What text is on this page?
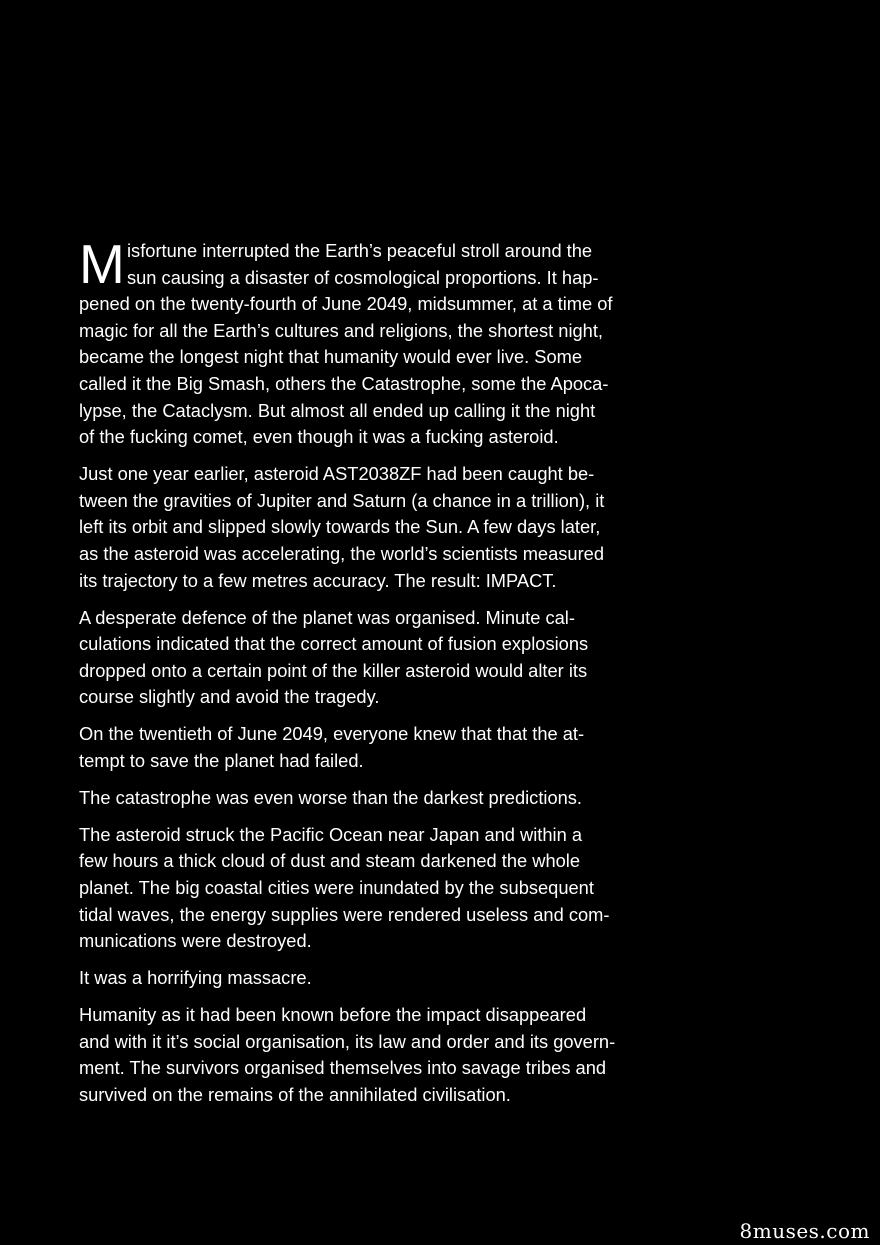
M isfortune interrupted the Earth’s peaceful stroll around the
sun causing a disaster of cosmological proportions. It hap-
pened on the twenty-fourth of June 2049, midsummer, at a time of
magic for all the Earth’s cultures and religions, the shortest night,
became the longest night that humanity would ever live. Some
called it the Big Smash, others the Catastrophe, some the Apoca-
lypse, the Cataclysm. But almost all ended up calling it the night
of the fucking comet, even though it was a fucking asteroid.
Just one year earlier, asteroid AST2038ZF had been caught be-
tween the gravities of Jupiter and Saturn (a chance in a trillion), it
left its orbit and slipped slowly towards the Sun. A few days later,
as the asteroid was accelerating, the world’s scientists measured
its trajectory to a few metres accuracy. The result: IMPACT.
A desperate defence of the planet was organised. Minute cal-
culations indicated that the correct amount of fusion explosions
dropped onto a certain point of the killer asteroid would alter its
course slightly and avoid the tragedy.
On the twentieth of June 2049, everyone knew that that the at-
tempt to save the planet had failed.
The catastrophe was even worse than the darkest predictions.
The asteroid struck the Pacific Ocean near Japan and within a
few hours a thick cloud of dust and steam darkened the whole
planet. The big coastal cities were inundated by the subsequent
tidal waves, the energy supplies were rendered useless and com-
munications were destroyed.
It was a horrifying massacre.
Humanity as it had been known before the impact disappeared
and with it it’s social organisation, its law and order and its govern-
ment. The survivors organised themselves into savage tribes and
survived on the remains of the annihilated civilisation.
8muses.com
